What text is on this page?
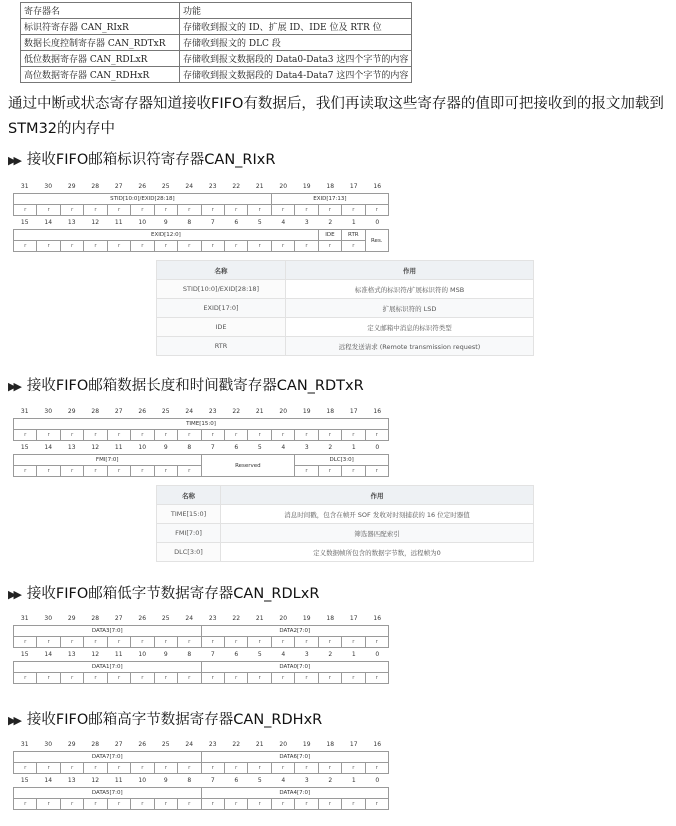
寄存器名	功能
标识符寄存器 CAN_RIxR	存储收到报文的 ID、扩展 ID、IDE 位及 RTR 位
数据长度控制寄存器 CAN_RDTxR	存储收到报文的 DLC 段
低位数据寄存器 CAN_RDLxR	存储收到报文数据段的 Data0-Data3 这四个字节的内容
高位数据寄存器 CAN_RDHxR	存储收到报文数据段的 Data4-Data7 这四个字节的内容
通过中断或状态寄存器知道接收FIFO有数据后，我们再读取这些寄存器的值即可把接收到的报文加载到STM32的内存中
▶▶ 接收FIFO邮箱标识符寄存器CAN_RIxR
31	30	29	28	27	26	25	24	23	22	21	20	19	18	17	16
STID[10:0]/EXID[28:18]											EXID[17:13]				
r	r	r	r	r	r	r	r	r	r	r	r	r	r	r	r
15	14	13	12	11	10	9	8	7	6	5	4	3	2	1	0
EXID[12:0]													IDE	RTR	Res.
r	r	r	r	r	r	r	r	r	r	r	r	r	r	r	
名称	作用
STID[10:0]/EXID[28:18]	标准格式的标识符/扩展标识符的 MSB
EXID[17:0]	扩展标识符的 LSD
IDE	定义邮箱中消息的标识符类型
RTR	远程发送请求 (Remote transmission request)
▶▶ 接收FIFO邮箱数据长度和时间戳寄存器CAN_RDTxR
31	30	29	28	27	26	25	24	23	22	21	20	19	18	17	16
TIME[15:0]
r	r	r	r	r	r	r	r	r	r	r	r	r	r	r	r
15	14	13	12	11	10	9	8	7	6	5	4	3	2	1	0
FMI[7:0]								Reserved	DLC[3:0]			
r	r	r	r	r	r	r	r		r	r	r	r
名称	作用
TIME[15:0]	消息时间戳，包含在帧开 SOF 发收对时刻捕获的 16 位定时器值
FMI[7:0]	筛选器匹配索引
DLC[3:0]	定义数据帧所包含的数据字节数，远程帧为0
▶▶ 接收FIFO邮箱低字节数据寄存器CAN_RDLxR
31	30	29	28	27	26	25	24	23	22	21	20	19	18	17	16
DATA3[7:0]								DATA2[7:0]							
r	r	r	r	r	r	r	r	r	r	r	r	r	r	r	r
15	14	13	12	11	10	9	8	7	6	5	4	3	2	1	0
DATA1[7:0]								DATA0[7:0]							
r	r	r	r	r	r	r	r	r	r	r	r	r	r	r	r
▶▶ 接收FIFO邮箱高字节数据寄存器CAN_RDHxR
31	30	29	28	27	26	25	24	23	22	21	20	19	18	17	16
DATA7[7:0]								DATA6[7:0]							
r	r	r	r	r	r	r	r	r	r	r	r	r	r	r	r
15	14	13	12	11	10	9	8	7	6	5	4	3	2	1	0
DATA5[7:0]								DATA4[7:0]							
r	r	r	r	r	r	r	r	r	r	r	r	r	r	r	r
